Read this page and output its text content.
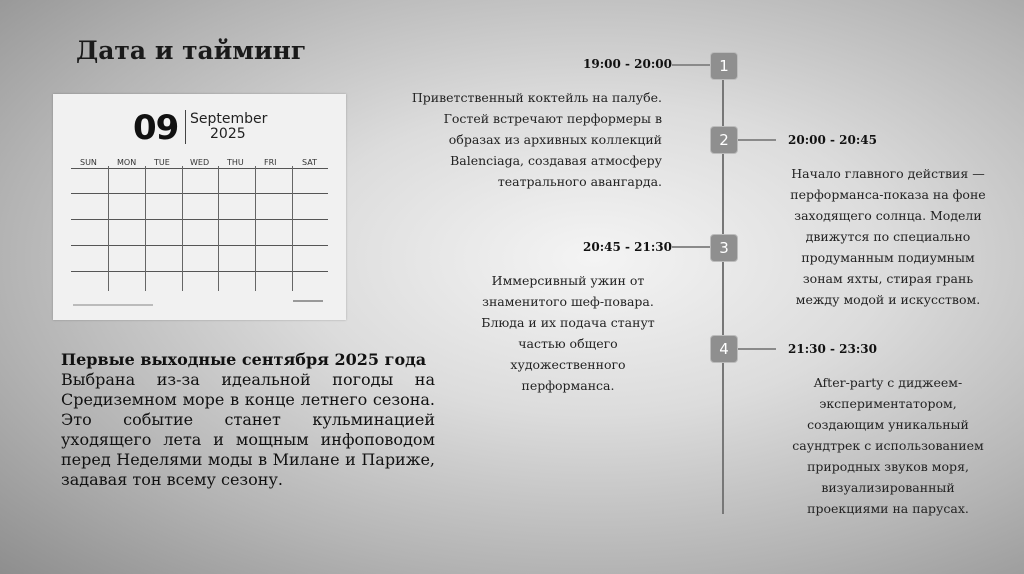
Дата и тайминг
09 September
2025
SUN	MON TUE	WED THU	FRI	SAT
Первые выходные сентября 2025 года
Выбрана из-за идеальной погоды на Средиземном море в конце летнего сезона. Это событие станет кульминацией уходящего лета и мощным инфоповодом перед Неделями моды в Милане и Париже, задавая тон всему сезону.
1
2
3
4
19:00 - 20:00
Приветственный коктейль на палубе. Гостей встречают перформеры в образах из архивных коллекций Balenciaga, создавая атмосферу театрального авангарда.
20:00 - 20:45
Начало главного действия — перформанса-показа на фоне заходящего солнца. Модели движутся по специально продуманным подиумным зонам яхты, стирая грань между модой и искусством.
20:45 - 21:30
Иммерсивный ужин от знаменитого шеф-повара. Блюда и их подача станут частью общего художественного перформанса.
21:30 - 23:30
After-party с диджеем-экспериментатором, создающим уникальный саундтрек с использованием природных звуков моря, визуализированный проекциями на парусах.
